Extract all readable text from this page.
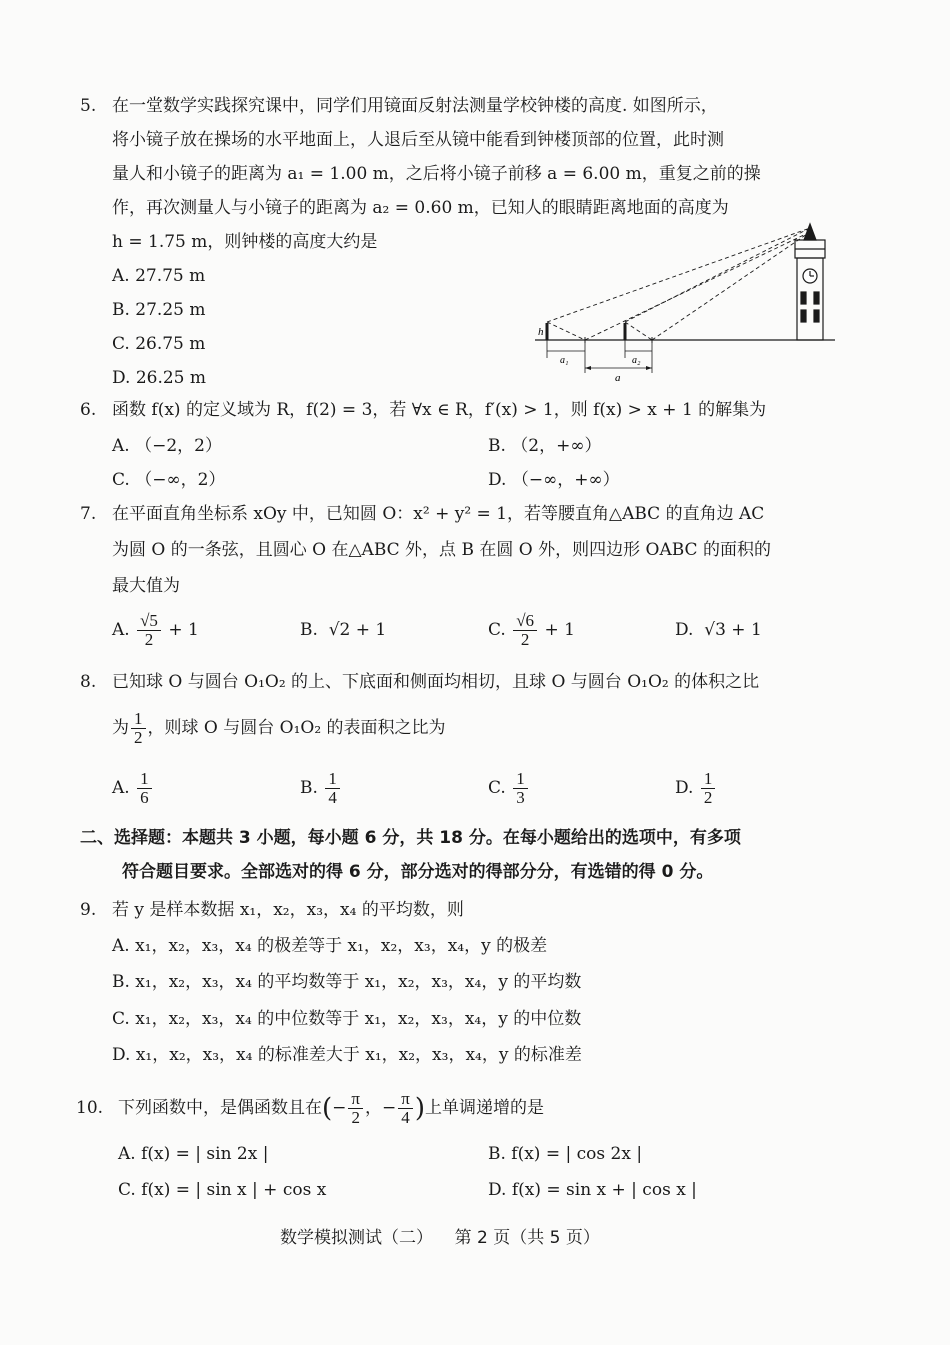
5. 在一堂数学实践探究课中，同学们用镜面反射法测量学校钟楼的高度. 如图所示，
将小镜子放在操场的水平地面上，人退后至从镜中能看到钟楼顶部的位置，此时测
量人和小镜子的距离为 a₁ = 1.00 m，之后将小镜子前移 a = 6.00 m，重复之前的操
作，再次测量人与小镜子的距离为 a₂ = 0.60 m，已知人的眼睛距离地面的高度为
h = 1.75 m，则钟楼的高度大约是
A. 27.75 m
B. 27.25 m
C. 26.75 m
D. 26.25 m
h
a₁	a₂
a
6. 函数 f(x) 的定义域为 R，f(2) = 3，若 ∀x ∈ R，f′(x) > 1，则 f(x) > x + 1 的解集为
A. （−2，2）	B. （2，+∞）
C. （−∞，2）	D. （−∞，+∞）
7. 在平面直角坐标系 xOy 中，已知圆 O：x² + y² = 1，若等腰直角△ABC 的直角边 AC
为圆 O 的一条弦，且圆心 O 在△ABC 外，点 B 在圆 O 外，则四边形 OABC 的面积的
最大值为
A. $\frac{√5}{2} + 1$	B. √2 + 1	C. $\frac{√6}{2} + 1$	D. √3 + 1
8. 已知球 O 与圆台 O₁O₂ 的上、下底面和侧面均相切，且球 O 与圆台 O₁O₂ 的体积之比
为 $\frac{1}{2}$ ，则球 O 与圆台 O₁O₂ 的表面积之比为
A. $\frac{1}{6}$	B. $\frac{1}{4}$	C. $\frac{1}{3}$	D. $\frac{1}{2}$
二、选择题：本题共 3 小题，每小题 6 分，共 18 分。在每小题给出的选项中，有多项
符合题目要求。全部选对的得 6 分，部分选对的得部分分，有选错的得 0 分。
9. 若 y 是样本数据 x₁，x₂，x₃，x₄ 的平均数，则
A. x₁，x₂，x₃，x₄ 的极差等于 x₁，x₂，x₃，x₄，y 的极差
B. x₁，x₂，x₃，x₄ 的平均数等于 x₁，x₂，x₃，x₄，y 的平均数
C. x₁，x₂，x₃，x₄ 的中位数等于 x₁，x₂，x₃，x₄，y 的中位数
D. x₁，x₂，x₃，x₄ 的标准差大于 x₁，x₂，x₃，x₄，y 的标准差
10. 下列函数中，是偶函数且在(− $\frac{\pi}{2}$ ，− $\frac{\pi}{4}$ )上单调递增的是
A. f(x) = | sin 2x |	B. f(x) = | cos 2x |
C. f(x) = | sin x | + cos x	D. f(x) = sin x + | cos x |
数学模拟测试（二）    第 2 页（共 5 页）
